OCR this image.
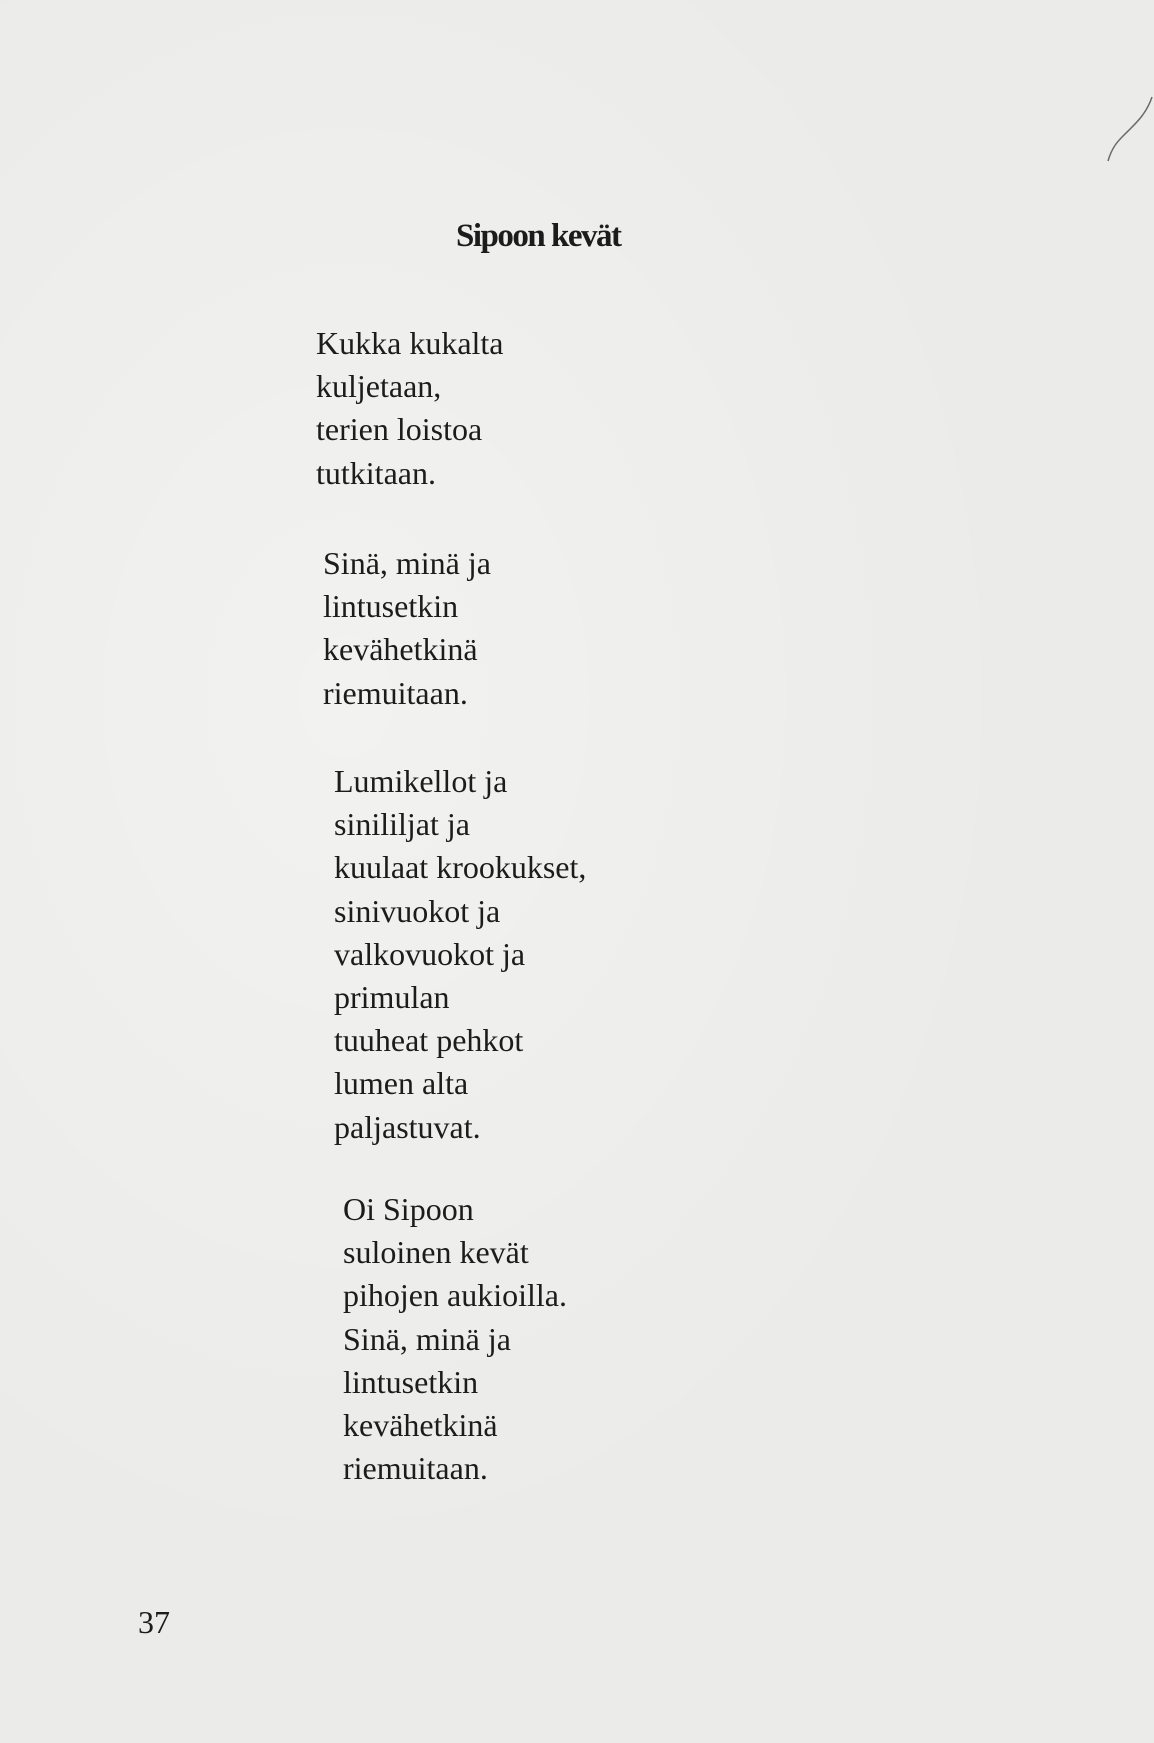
Sipoon kevät
Kukka kukalta
kuljetaan,
terien loistoa
tutkitaan.
Sinä, minä ja
lintusetkin
kevähetkinä
riemuitaan.
Lumikellot ja
sinililjat ja
kuulaat krookukset,
sinivuokot ja
valkovuokot ja
primulan
tuuheat pehkot
lumen alta
paljastuvat.
Oi Sipoon
suloinen kevät
pihojen aukioilla.
Sinä, minä ja
lintusetkin
kevähetkinä
riemuitaan.

37
